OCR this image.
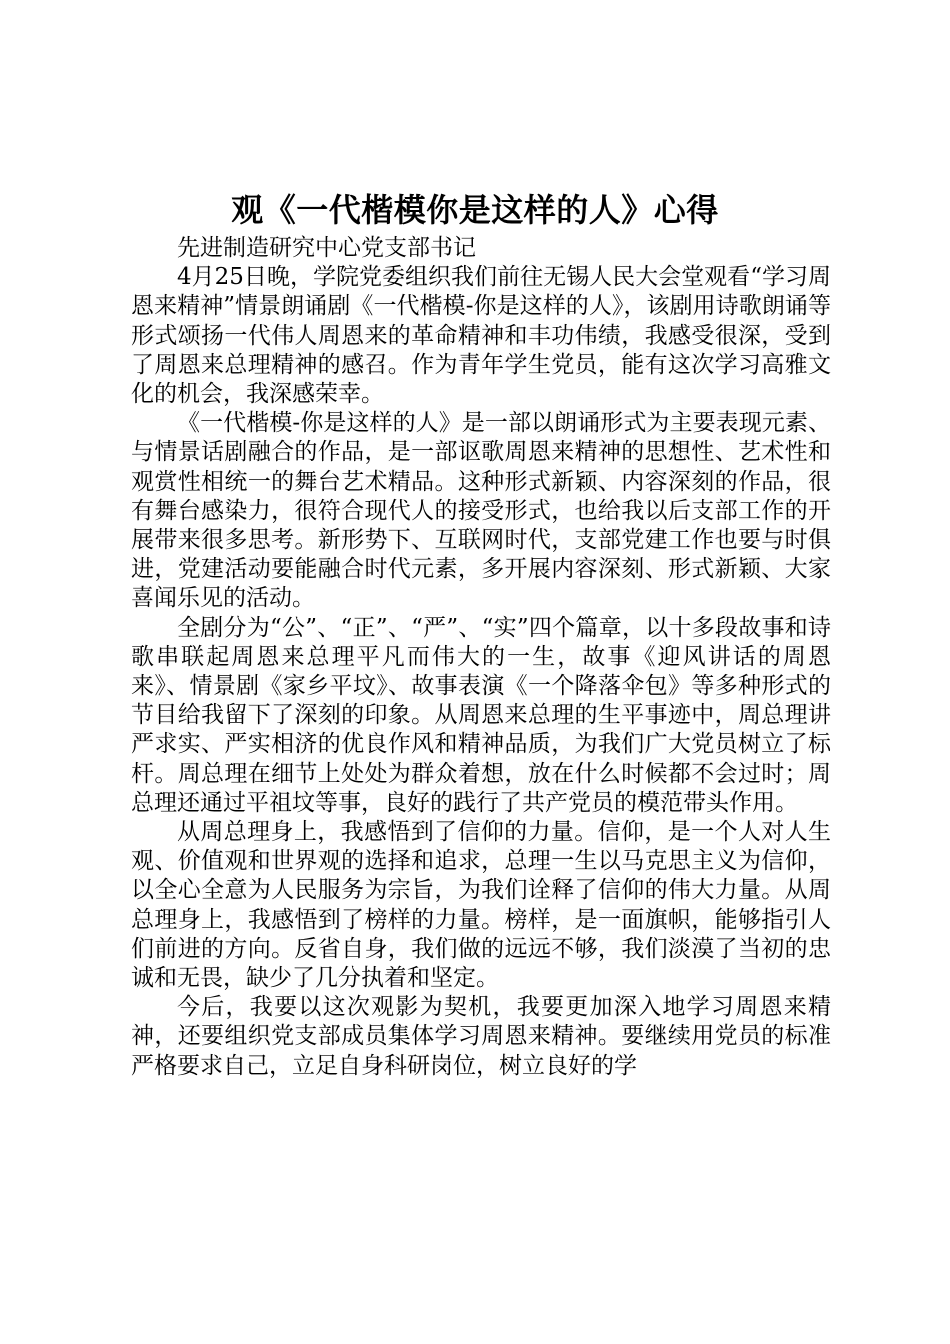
观《一代楷模你是这样的人》心得

先进制造研究中心党支部书记

4月25日晚，学院党委组织我们前往无锡人民大会堂观看“学习周恩来精神”情景朗诵剧《一代楷模-你是这样的人》，该剧用诗歌朗诵等形式颂扬一代伟人周恩来的革命精神和丰功伟绩，我感受很深，受到了周恩来总理精神的感召。作为青年学生党员，能有这次学习高雅文化的机会，我深感荣幸。

《一代楷模-你是这样的人》是一部以朗诵形式为主要表现元素、与情景话剧融合的作品，是一部讴歌周恩来精神的思想性、艺术性和观赏性相统一的舞台艺术精品。这种形式新颖、内容深刻的作品，很有舞台感染力，很符合现代人的接受形式，也给我以后支部工作的开展带来很多思考。新形势下、互联网时代，支部党建工作也要与时俱进，党建活动要能融合时代元素，多开展内容深刻、形式新颖、大家喜闻乐见的活动。

全剧分为“公”、“正”、“严”、“实”四个篇章，以十多段故事和诗歌串联起周恩来总理平凡而伟大的一生，故事《迎风讲话的周恩来》、情景剧《家乡平坟》、故事表演《一个降落伞包》等多种形式的节目给我留下了深刻的印象。从周恩来总理的生平事迹中，周总理讲严求实、严实相济的优良作风和精神品质，为我们广大党员树立了标杆。周总理在细节上处处为群众着想，放在什么时候都不会过时；周总理还通过平祖坟等事，良好的践行了共产党员的模范带头作用。

从周总理身上，我感悟到了信仰的力量。信仰，是一个人对人生观、价值观和世界观的选择和追求，总理一生以马克思主义为信仰，以全心全意为人民服务为宗旨，为我们诠释了信仰的伟大力量。从周总理身上，我感悟到了榜样的力量。榜样，是一面旗帜，能够指引人们前进的方向。反省自身，我们做的远远不够，我们淡漠了当初的忠诚和无畏，缺少了几分执着和坚定。

今后，我要以这次观影为契机，我要更加深入地学习周恩来精神，还要组织党支部成员集体学习周恩来精神。要继续用党员的标准严格要求自己，立足自身科研岗位，树立良好的学
